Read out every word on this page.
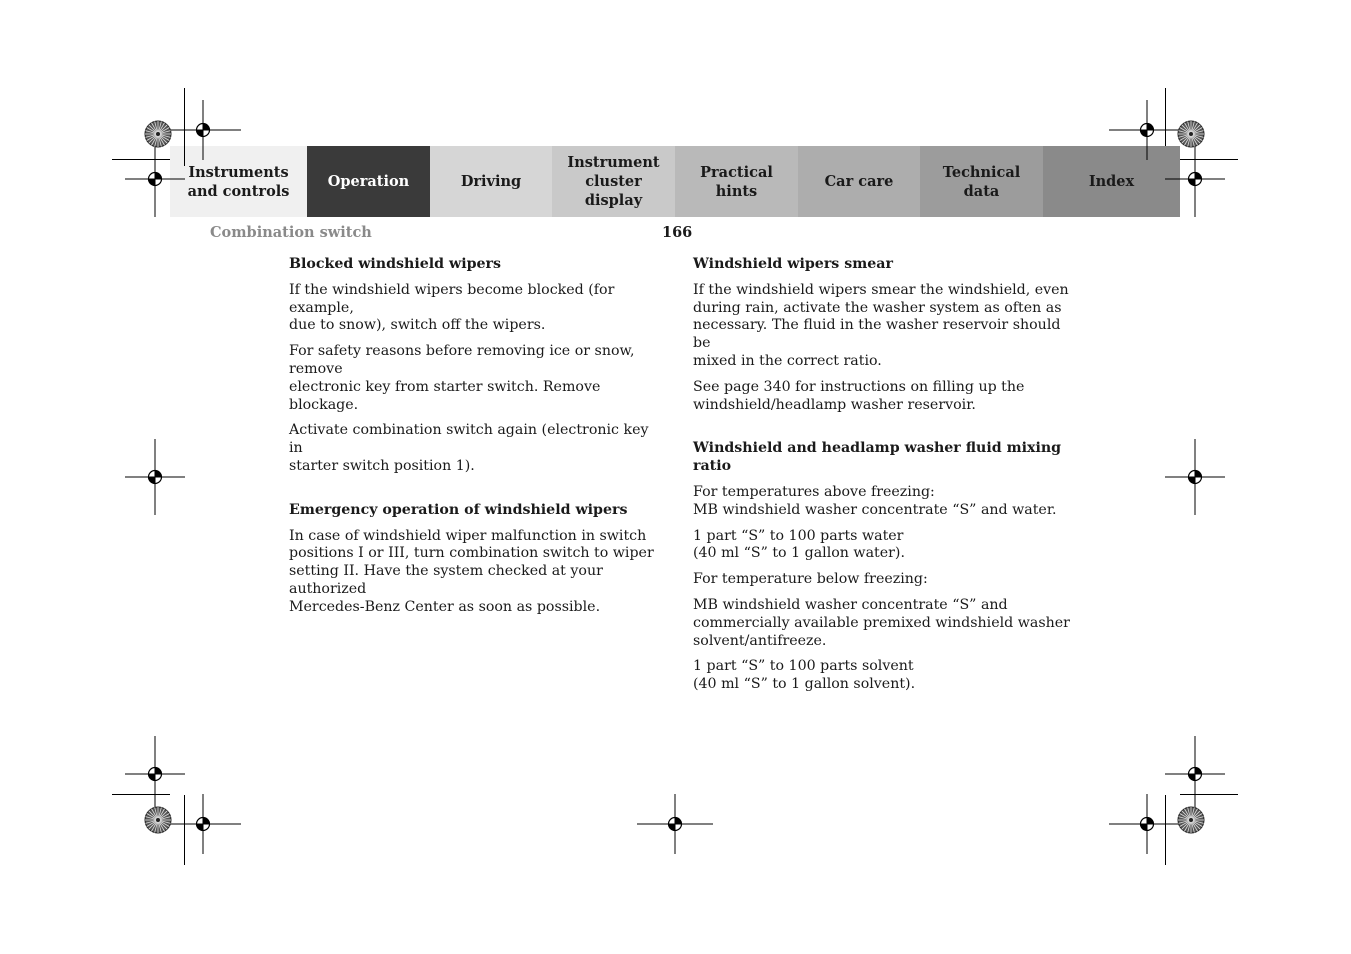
Instruments
and controls
Operation	Driving
Instrument
cluster display
Practical hints
Car care
Technical
data
Index
Combination switch	166
Blocked windshield wipers

If the windshield wipers become blocked (for example,
due to snow), switch off the wipers.

For safety reasons before removing ice or snow, remove
electronic key from starter switch. Remove blockage.

Activate combination switch again (electronic key in
starter switch position 1).

Emergency operation of windshield wipers

In case of windshield wiper malfunction in switch
positions I or III, turn combination switch to wiper
setting II. Have the system checked at your authorized
Mercedes-Benz Center as soon as possible.

Windshield wipers smear

If the windshield wipers smear the windshield, even
during rain, activate the washer system as often as
necessary. The fluid in the washer reservoir should be
mixed in the correct ratio.

See page 340 for instructions on filling up the
windshield/headlamp washer reservoir.

Windshield and headlamp washer fluid mixing ratio

For temperatures above freezing:
MB windshield washer concentrate “S” and water.

1 part “S” to 100 parts water
(40 ml “S” to 1 gallon water).

For temperature below freezing:

MB windshield washer concentrate “S” and
commercially available premixed windshield washer
solvent/antifreeze.

1 part “S” to 100 parts solvent
(40 ml “S” to 1 gallon solvent).
